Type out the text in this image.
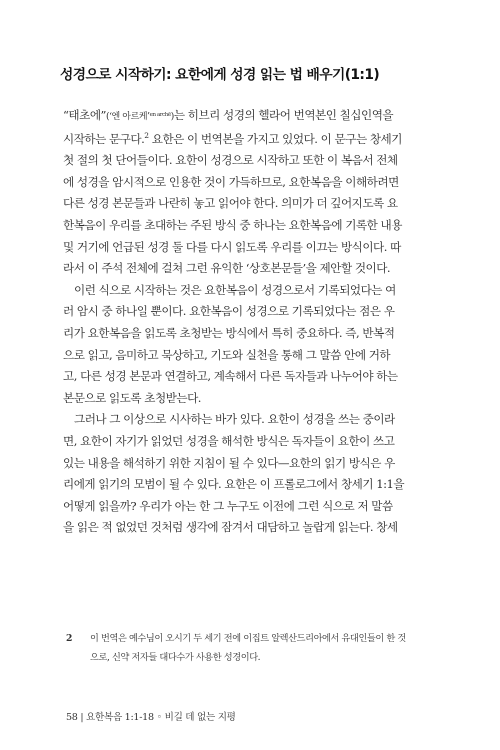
성경으로 시작하기: 요한에게 성경 읽는 법 배우기(1:1)

“태초에”(‘엔 아르케’$^{en archē}$)는 히브리 성경의 헬라어 번역본인 칠십인역을
시작하는 문구다.$^2$ 요한은 이 번역본을 가지고 있었다. 이 문구는 창세기
첫 절의 첫 단어들이다. 요한이 성경으로 시작하고 또한 이 복음서 전체
에 성경을 암시적으로 인용한 것이 가득하므로, 요한복음을 이해하려면
다른 성경 본문들과 나란히 놓고 읽어야 한다. 의미가 더 깊어지도록 요
한복음이 우리를 초대하는 주된 방식 중 하나는 요한복음에 기록한 내용
및 거기에 언급된 성경 둘 다를 다시 읽도록 우리를 이끄는 방식이다. 따
라서 이 주석 전체에 걸쳐 그런 유익한 ‘상호본문들’을 제안할 것이다.

이런 식으로 시작하는 것은 요한복음이 성경으로서 기록되었다는 여
러 암시 중 하나일 뿐이다. 요한복음이 성경으로 기록되었다는 점은 우
리가 요한복음을 읽도록 초청받는 방식에서 특히 중요하다. 즉, 반복적
으로 읽고, 음미하고 묵상하고, 기도와 실천을 통해 그 말씀 안에 거하
고, 다른 성경 본문과 연결하고, 계속해서 다른 독자들과 나누어야 하는
본문으로 읽도록 초청받는다.

그러나 그 이상으로 시사하는 바가 있다. 요한이 성경을 쓰는 중이라
면, 요한이 자기가 읽었던 성경을 해석한 방식은 독자들이 요한이 쓰고
있는 내용을 해석하기 위한 지침이 될 수 있다—요한의 읽기 방식은 우
리에게 읽기의 모범이 될 수 있다. 요한은 이 프롤로그에서 창세기 1:1을
어떻게 읽을까? 우리가 아는 한 그 누구도 이전에 그런 식으로 저 말씀
을 읽은 적 없었던 것처럼 생각에 잠겨서 대담하고 놀랍게 읽는다. 창세

2 이 번역은 예수님이 오시기 두 세기 전에 이집트 알렉산드리아에서 유대인들이 한 것
으로, 신약 저자들 대다수가 사용한 성경이다.
58 | 요한복음 1:1-18 ◦ 비길 데 없는 지평
